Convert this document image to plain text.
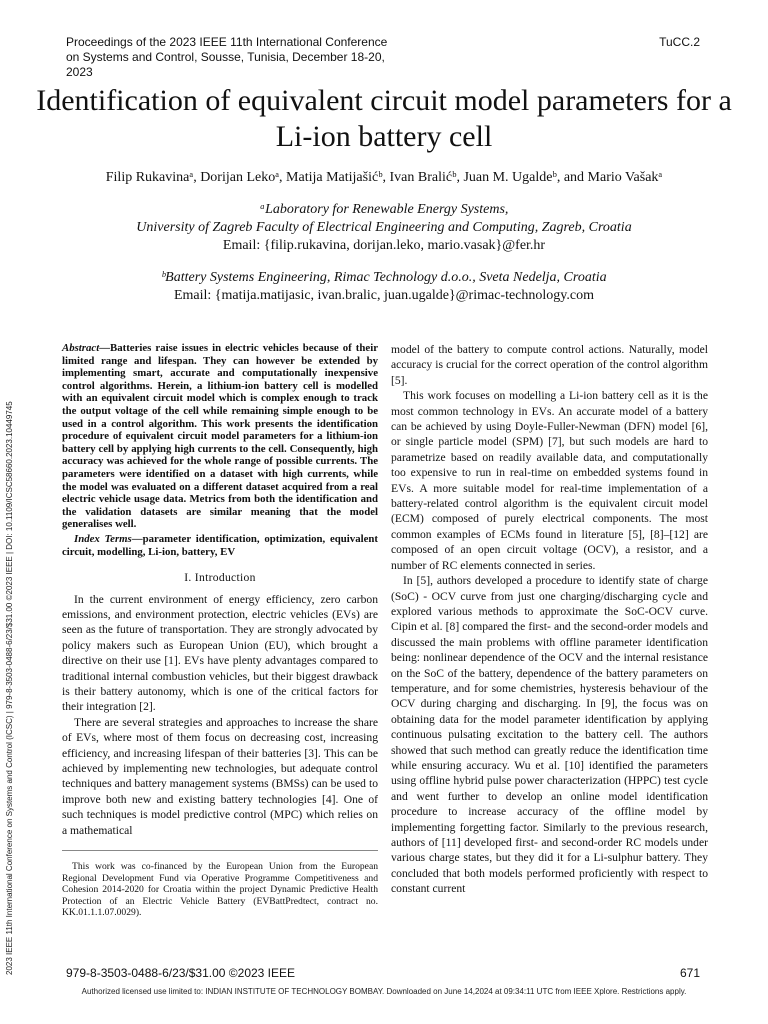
Proceedings of the 2023 IEEE 11th International Conference on Systems and Control, Sousse, Tunisia, December 18-20, 2023
TuCC.2
Identification of equivalent circuit model parameters for a Li-ion battery cell
Filip Rukavinaᵃ, Dorijan Lekoᵃ, Matija Matijašićᵇ, Ivan Bralićᵇ, Juan M. Ugaldeᵇ, and Mario Vašakᵃ
ᵃLaboratory for Renewable Energy Systems,
University of Zagreb Faculty of Electrical Engineering and Computing, Zagreb, Croatia
Email: {filip.rukavina, dorijan.leko, mario.vasak}@fer.hr
ᵇBattery Systems Engineering, Rimac Technology d.o.o., Sveta Nedelja, Croatia
Email: {matija.matijasic, ivan.bralic, juan.ugalde}@rimac-technology.com
2023 IEEE 11th International Conference on Systems and Control (ICSC) | 979-8-3503-0488-6/23/$31.00 ©2023 IEEE | DOI: 10.1109/ICSC58660.2023.10449745

Abstract—Batteries raise issues in electric vehicles because of their limited range and lifespan. They can however be extended by implementing smart, accurate and computationally inexpensive control algorithms. Herein, a lithium-ion battery cell is modelled with an equivalent circuit model which is complex enough to track the output voltage of the cell while remaining simple enough to be used in a control algorithm. This work presents the identification procedure of equivalent circuit model parameters for a lithium-ion battery cell by applying high currents to the cell. Consequently, high accuracy was achieved for the whole range of possible currents. The parameters were identified on a dataset with high currents, while the model was evaluated on a different dataset acquired from a real electric vehicle usage data. Metrics from both the identification and the validation datasets are similar meaning that the model generalises well.

Index Terms—parameter identification, optimization, equivalent circuit, modelling, Li-ion, battery, EV

I. Introduction

In the current environment of energy efficiency, zero carbon emissions, and environment protection, electric vehicles (EVs) are seen as the future of transportation. They are strongly advocated by policy makers such as European Union (EU), which brought a directive on their use [1]. EVs have plenty advantages compared to traditional internal combustion vehicles, but their biggest drawback is their battery autonomy, which is one of the critical factors for their integration [2].

There are several strategies and approaches to increase the share of EVs, where most of them focus on decreasing cost, increasing efficiency, and increasing lifespan of their batteries [3]. This can be achieved by implementing new technologies, but adequate control techniques and battery management systems (BMSs) can be used to improve both new and existing battery technologies [4]. One of such techniques is model predictive control (MPC) which relies on a mathematical

This work was co-financed by the European Union from the European Regional Development Fund via Operative Programme Competitiveness and Cohesion 2014-2020 for Croatia within the project Dynamic Predictive Health Protection of an Electric Vehicle Battery (EVBattPredtect, contract no. KK.01.1.1.07.0029).

model of the battery to compute control actions. Naturally, model accuracy is crucial for the correct operation of the control algorithm [5].

This work focuses on modelling a Li-ion battery cell as it is the most common technology in EVs. An accurate model of a battery can be achieved by using Doyle-Fuller-Newman (DFN) model [6], or single particle model (SPM) [7], but such models are hard to parametrize based on readily available data, and computationally too expensive to run in real-time on embedded systems found in EVs. A more suitable model for real-time implementation of a battery-related control algorithm is the equivalent circuit model (ECM) composed of purely electrical components. The most common examples of ECMs found in literature [5], [8]–[12] are composed of an open circuit voltage (OCV), a resistor, and a number of RC elements connected in series.

In [5], authors developed a procedure to identify state of charge (SoC) - OCV curve from just one charging/discharging cycle and explored various methods to approximate the SoC-OCV curve. Cipin et al. [8] compared the first- and the second-order models and discussed the main problems with offline parameter identification being: nonlinear dependence of the OCV and the internal resistance on the SoC of the battery, dependence of the battery parameters on temperature, and for some chemistries, hysteresis behaviour of the OCV during charging and discharging. In [9], the focus was on obtaining data for the model parameter identification by applying continuous pulsating excitation to the battery cell. The authors showed that such method can greatly reduce the identification time while ensuring accuracy. Wu et al. [10] identified the parameters using offline hybrid pulse power characterization (HPPC) test cycle and went further to develop an online model identification procedure to increase accuracy of the offline model by implementing forgetting factor. Similarly to the previous research, authors of [11] developed first- and second-order RC models under various charge states, but they did it for a Li-sulphur battery. They concluded that both models performed proficiently with respect to constant current

979-8-3503-0488-6/23/$31.00 ©2023 IEEE	671
Authorized licensed use limited to: INDIAN INSTITUTE OF TECHNOLOGY BOMBAY. Downloaded on June 14,2024 at 09:34:11 UTC from IEEE Xplore. Restrictions apply.
